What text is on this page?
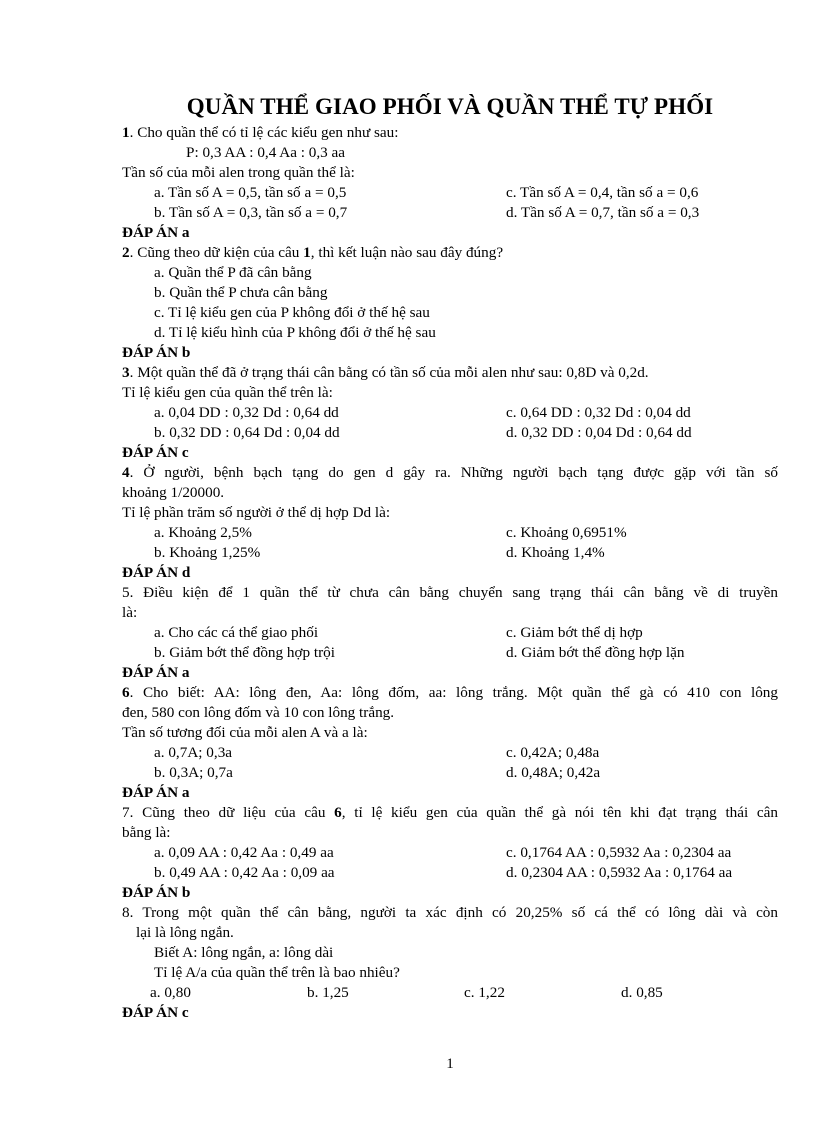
QUẦN THỂ GIAO PHỐI VÀ QUẦN THỂ TỰ PHỐI
1. Cho quần thể có tỉ lệ các kiểu gen như sau:
P: 0,3 AA : 0,4 Aa : 0,3 aa
Tần số của mỗi alen trong quần thể là:
a. Tần số A = 0,5, tần số a = 0,5	c. Tần số A = 0,4, tần số a = 0,6
b. Tần số A = 0,3, tần số a = 0,7	d. Tần số A = 0,7, tần số a = 0,3
ĐÁP ÁN a
2. Cũng theo dữ kiện của câu 1, thì kết luận nào sau đây đúng?
a. Quần thể P đã cân bằng
b. Quần thể P chưa cân bằng
c. Tỉ lệ kiểu gen của P không đổi ở thế hệ sau
d. Tỉ lệ kiểu hình của P không đổi ở thế hệ sau
ĐÁP ÁN b
3. Một quần thể đã ở trạng thái cân bằng có tần số của mỗi alen như sau: 0,8D và 0,2d.
Tỉ lệ kiểu gen của quần thể trên là:
a. 0,04 DD : 0,32 Dd : 0,64 dd	c. 0,64 DD : 0,32 Dd : 0,04 dd
b. 0,32 DD : 0,64 Dd : 0,04 dd	d. 0,32 DD : 0,04 Dd : 0,64 dd
ĐÁP ÁN c
4. Ở người, bệnh bạch tạng do gen d gây ra. Những người bạch tạng được gặp với tần số
khoảng 1/20000.
Tỉ lệ phần trăm số người ở thể dị hợp Dd là:
a. Khoảng 2,5%	c. Khoảng 0,6951%
b. Khoảng 1,25%	d. Khoảng 1,4%
ĐÁP ÁN d
5. Điều kiện để 1 quần thể từ chưa cân bằng chuyển sang trạng thái cân bằng về di truyền
là:
a. Cho các cá thể giao phối	c. Giảm bớt thể dị hợp
b. Giảm bớt thể đồng hợp trội	d. Giảm bớt thể đồng hợp lặn
ĐÁP ÁN a
6. Cho biết: AA: lông đen, Aa: lông đốm, aa: lông trắng. Một quần thể gà có 410 con lông
đen, 580 con lông đốm và 10 con lông trắng.
Tần số tương đối của mỗi alen A và a là:
a. 0,7A; 0,3a	c. 0,42A; 0,48a
b. 0,3A; 0,7a	d. 0,48A; 0,42a
ĐÁP ÁN a
7. Cũng theo dữ liệu của câu 6, tỉ lệ kiểu gen của quần thể gà nói tên khi đạt trạng thái cân
bằng là:
a. 0,09 AA : 0,42 Aa : 0,49 aa	c. 0,1764 AA : 0,5932 Aa : 0,2304 aa
b. 0,49 AA : 0,42 Aa : 0,09 aa	d. 0,2304 AA : 0,5932 Aa : 0,1764 aa
ĐÁP ÁN b
8. Trong một quần thể cân bằng, người ta xác định có 20,25% số cá thể có lông dài và còn
lại là lông ngắn.
Biết A: lông ngắn, a: lông dài
Tỉ lệ A/a của quần thể trên là bao nhiêu?
a. 0,80	b. 1,25	c. 1,22	d. 0,85
ĐÁP ÁN c
1
